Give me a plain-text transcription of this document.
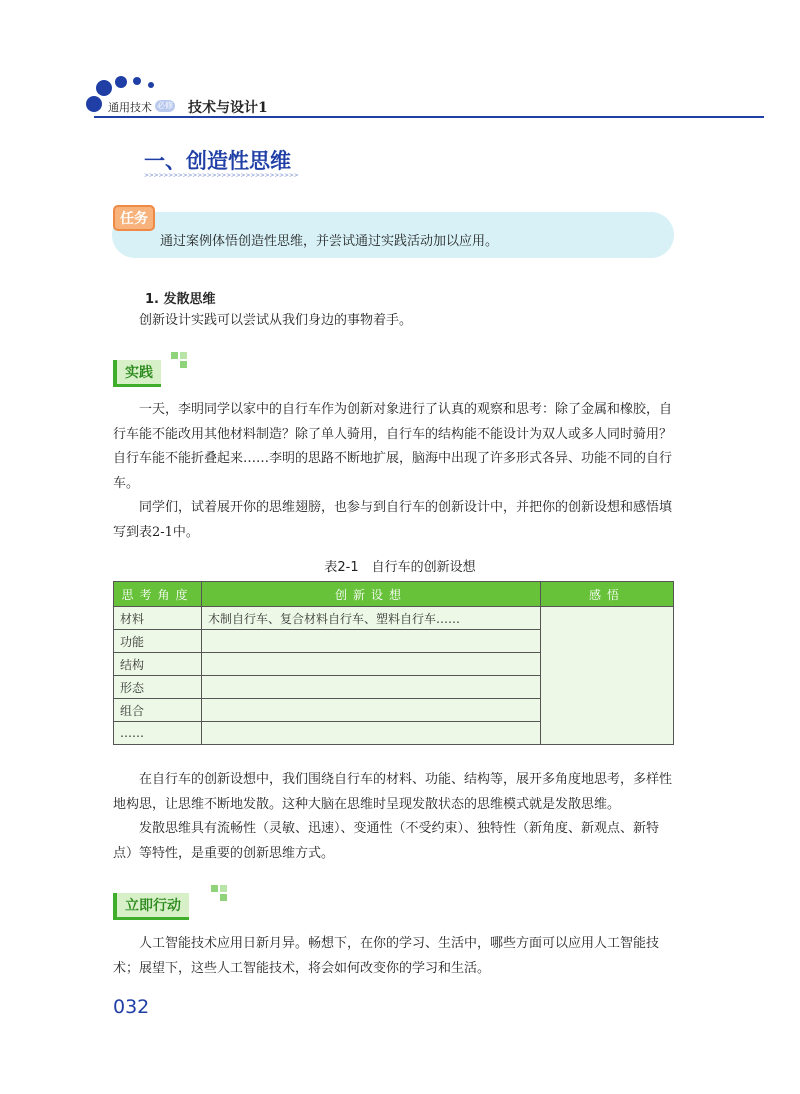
通用技术 必修 技术与设计1
一、创造性思维
>>>>>>>>>>>>>>>>>>>>>>>>>>>>>>>>
任务
通过案例体悟创造性思维，并尝试通过实践活动加以应用。
1. 发散思维
创新设计实践可以尝试从我们身边的事物着手。
实践
一天，李明同学以家中的自行车作为创新对象进行了认真的观察和思考：除了金属和橡胶，自行车能不能改用其他材料制造？除了单人骑用，自行车的结构能不能设计为双人或多人同时骑用？自行车能不能折叠起来……李明的思路不断地扩展，脑海中出现了许多形式各异、功能不同的自行车。
同学们，试着展开你的思维翅膀，也参与到自行车的创新设计中，并把你的创新设想和感悟填写到表2-1中。
表2-1　自行车的创新设想
思考角度	创新设想	感悟
材料	木制自行车、复合材料自行车、塑料自行车……	
功能		
结构		
形态		
组合		
……		
在自行车的创新设想中，我们围绕自行车的材料、功能、结构等，展开多角度地思考，多样性地构思，让思维不断地发散。这种大脑在思维时呈现发散状态的思维模式就是发散思维。
发散思维具有流畅性（灵敏、迅速）、变通性（不受约束）、独特性（新角度、新观点、新特点）等特性，是重要的创新思维方式。
立即行动
人工智能技术应用日新月异。畅想下，在你的学习、生活中，哪些方面可以应用人工智能技术；展望下，这些人工智能技术，将会如何改变你的学习和生活。
032
